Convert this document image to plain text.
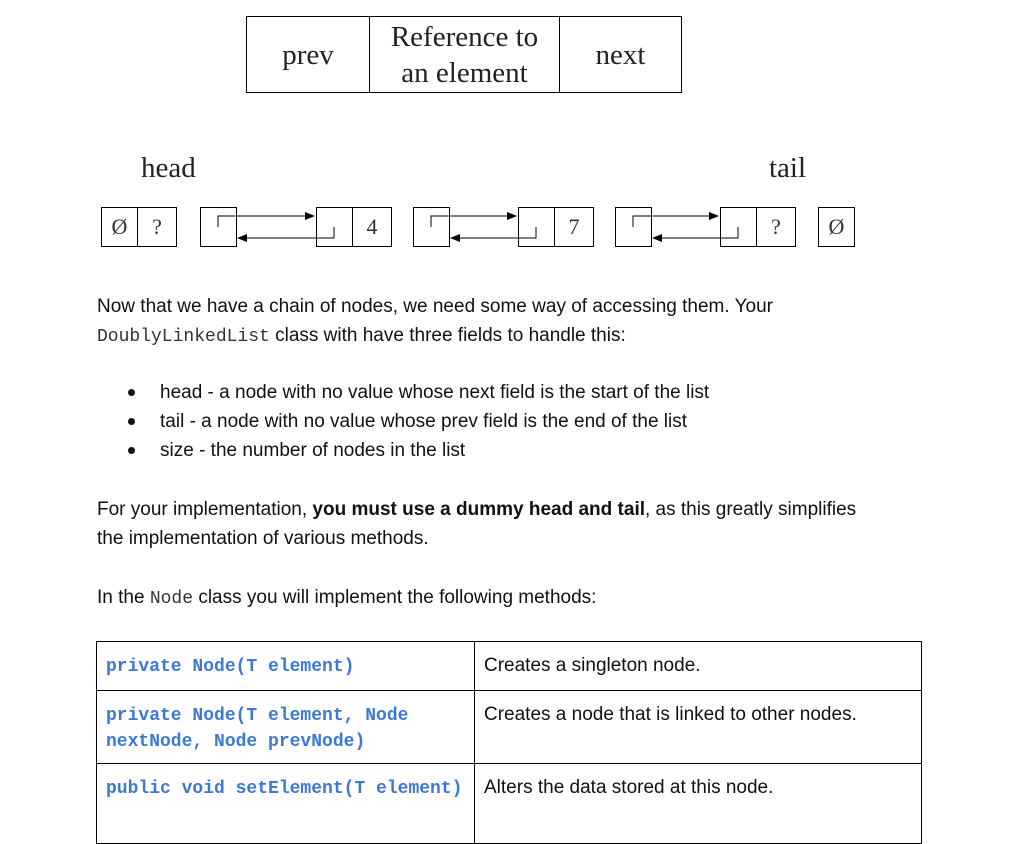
prev
Reference to an element
next
head	tail
Ø ?	4	7	? Ø
Now that we have a chain of nodes, we need some way of accessing them. Your
DoublyLinkedList class with have three fields to handle this:
head - a node with no value whose next field is the start of the list
tail - a node with no value whose prev field is the end of the list
size - the number of nodes in the list
For your implementation, you must use a dummy head and tail, as this greatly simplifies the implementation of various methods.
In the Node class you will implement the following methods:
private Node(T element)	Creates a singleton node.
private Node(T element, Node nextNode, Node prevNode)	Creates a node that is linked to other nodes.
public void setElement(T element)	Alters the data stored at this node.
